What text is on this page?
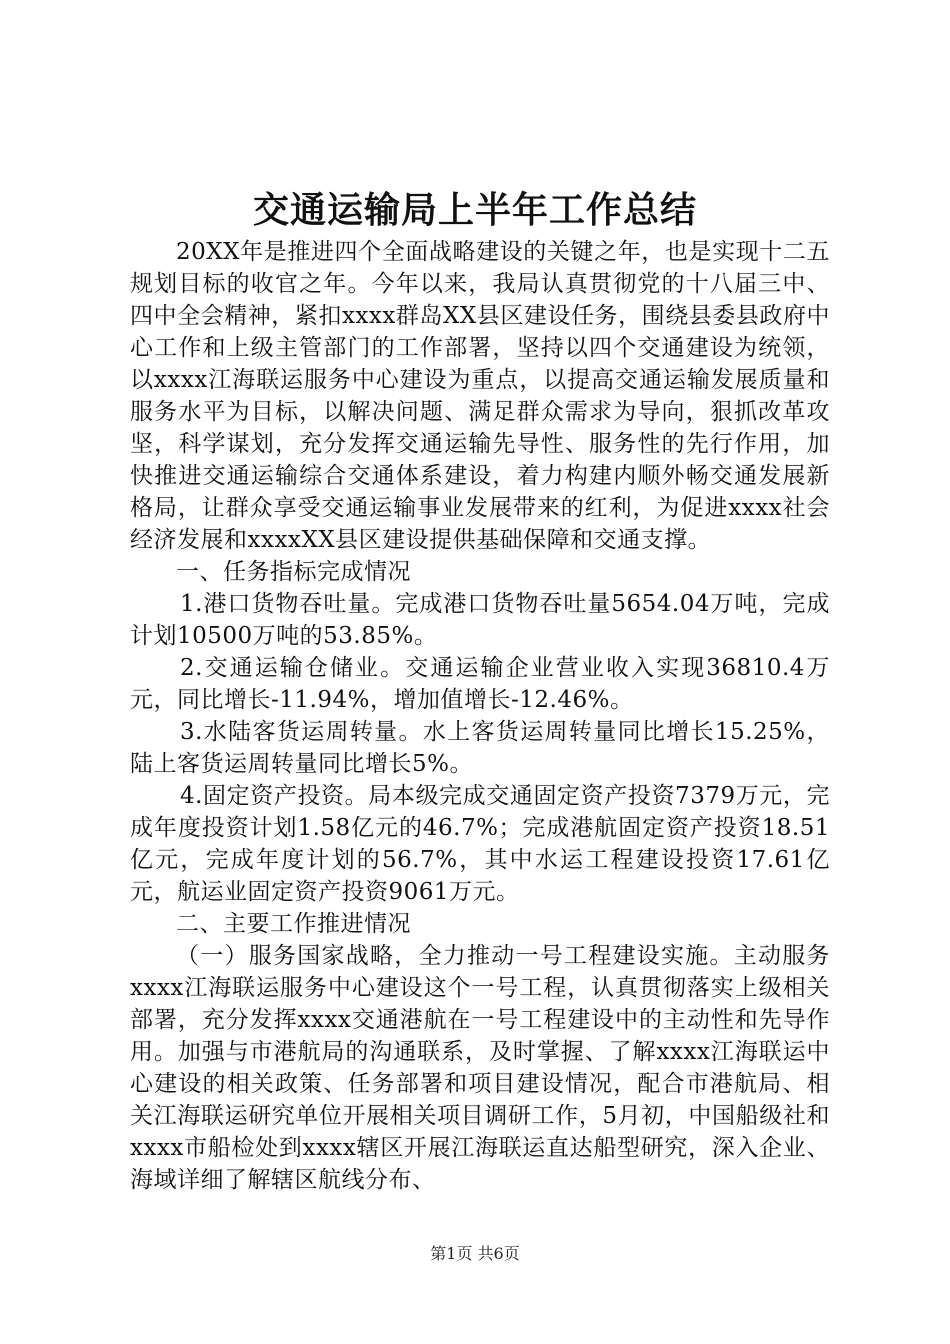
交通运输局上半年工作总结

20XX年是推进四个全面战略建设的关键之年，也是实现十二五规划目标的收官之年。今年以来，我局认真贯彻党的十八届三中、四中全会精神，紧扣xxxx群岛XX县区建设任务，围绕县委县政府中心工作和上级主管部门的工作部署，坚持以四个交通建设为统领，以xxxx江海联运服务中心建设为重点，以提高交通运输发展质量和服务水平为目标，以解决问题、满足群众需求为导向，狠抓改革攻坚，科学谋划，充分发挥交通运输先导性、服务性的先行作用，加快推进交通运输综合交通体系建设，着力构建内顺外畅交通发展新格局，让群众享受交通运输事业发展带来的红利，为促进xxxx社会经济发展和xxxxXX县区建设提供基础保障和交通支撑。

一、任务指标完成情况

1.港口货物吞吐量。完成港口货物吞吐量5654.04万吨，完成计划10500万吨的53.85%。

2.交通运输仓储业。交通运输企业营业收入实现36810.4万元，同比增长-11.94%，增加值增长-12.46%。

3.水陆客货运周转量。水上客货运周转量同比增长15.25%，陆上客货运周转量同比增长5%。

4.固定资产投资。局本级完成交通固定资产投资7379万元，完成年度投资计划1.58亿元的46.7%；完成港航固定资产投资18.51亿元，完成年度计划的56.7%，其中水运工程建设投资17.61亿元，航运业固定资产投资9061万元。

二、主要工作推进情况

（一）服务国家战略，全力推动一号工程建设实施。主动服务xxxx江海联运服务中心建设这个一号工程，认真贯彻落实上级相关部署，充分发挥xxxx交通港航在一号工程建设中的主动性和先导作用。加强与市港航局的沟通联系，及时掌握、了解xxxx江海联运中心建设的相关政策、任务部署和项目建设情况，配合市港航局、相关江海联运研究单位开展相关项目调研工作，5月初，中国船级社和xxxx市船检处到xxxx辖区开展江海联运直达船型研究，深入企业、海域详细了解辖区航线分布、

第1页 共6页
